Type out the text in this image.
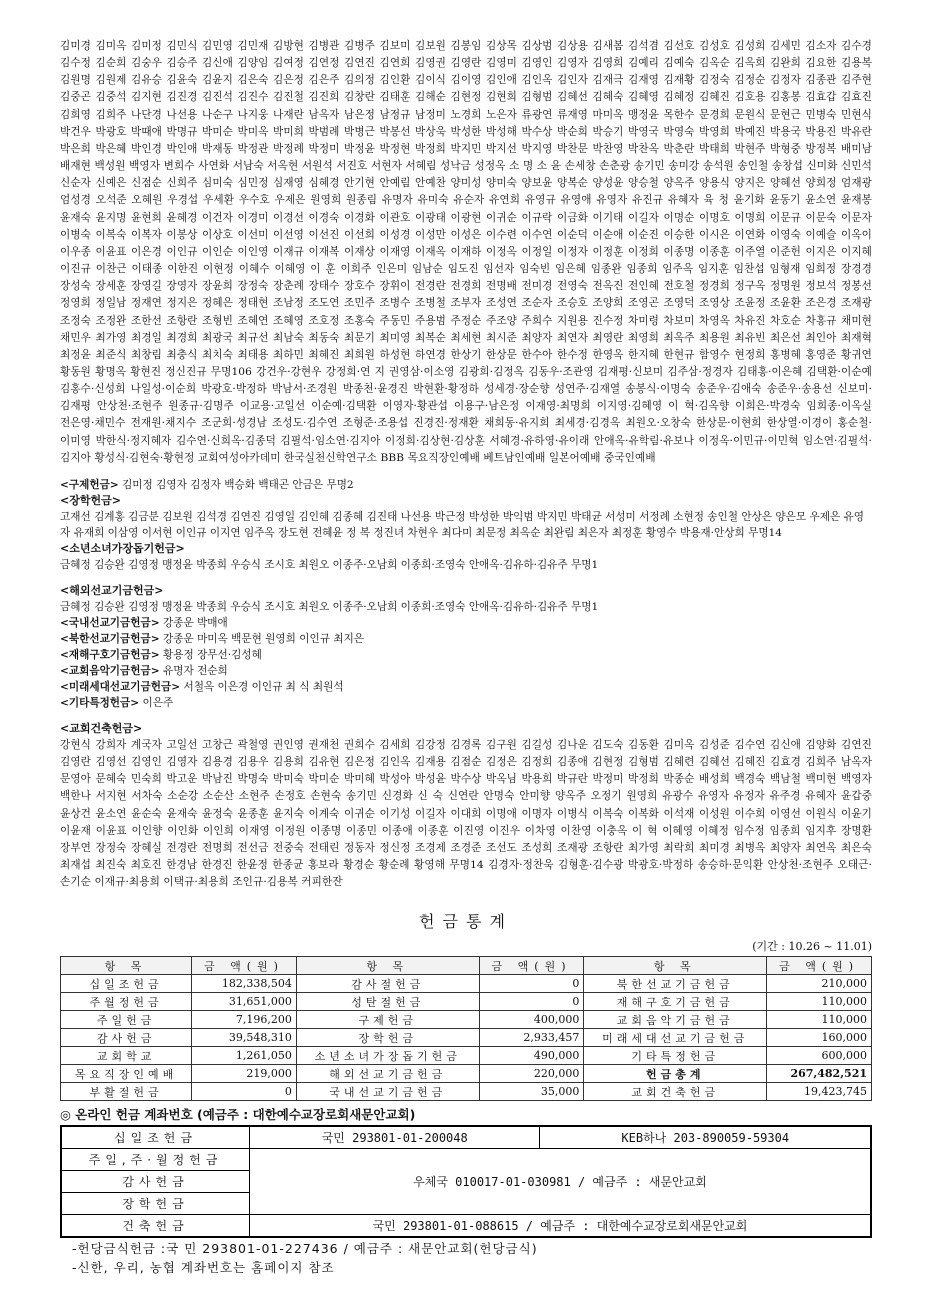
김미경 김미옥 김미정 김민식 김민영 김민재 김방현 김병관 김병주 김보미 김보원 김봉임 김상목 김상범 김상용 김새봄 김석겸 김선호 김성호 김성희 김세민 김소자 김수경 김수정 김순희 김숭우 김승주 김신애 김양임 김여정 김연정 김연진 김연희 김영권 김영란 김영미 김영인 김영자 김영희 김예리 김예숙 김옥순 김옥희 김완희 김요한 김용복 김원명 김원제 김유승 김윤숙 김윤지 김은숙 김은정 김은주 김의정 김인환 김이식 김이영 김인애 김인옥 김인자 김재극 김재영 김재황 김정숙 김정순 김정자 김종관 김주현 김중곤 김중석 김지현 김진경 김진석 김진수 김진철 김진희 김창란 김태훈 김해순 김현정 김현희 김형범 김혜선 김혜숙 김혜영 김혜정 김혜진 김호용 김홍봉 김효갑 김효진 김희영 김희주 나단경 나선용 나순구 나지웅 나재란 남옥자 남은정 남정규 남정미 노경희 노은자 류광연 류재영 마미옥 맹정윤 목한수 문경희 문원식 문현근 민병숙 민현식 박건우 박광호 박때애 박명규 박미순 박미옥 박미희 박범례 박병근 박봉선 박상욱 박성한 박성해 박수상 박순희 박승기 박영국 박영숙 박영희 박예진 박용국 박용진 박유란 박은희 박은혜 박인경 박인애 박재동 박정관 박정례 박정미 박정윤 박정현 박정희 박지민 박지선 박지영 박찬문 박찬영 박찬옥 박춘란 박태희 박현주 박형중 방정복 배미남 배재현 백성원 백영자 변희수 사연화 서남숙 서옥현 서원석 서진호 서현자 서혜림 성낙금 성정옥 소 명 소 윤 손세창 손춘광 송기민 송미강 송석원 송인철 송창섭 신미화 신민석 신순자 신예은 신점순 신희주 심미숙 심민정 심재영 심혜경 안기현 안예림 안예찬 양미성 양미숙 양보윤 양복순 양성윤 양승철 양옥주 양용식 양지은 양혜선 양희정 엄재광 엄성경 오석준 오혜원 우경섭 우세환 우수호 우제은 원영희 원종림 유명자 유미숙 유순자 유연희 유영규 유영애 유영자 유진규 유혜자 육 청 윤기화 윤동기 윤소연 윤재봉 윤재숙 윤지명 윤현희 윤혜경 이건자 이경미 이경선 이경숙 이경화 이관호 이광태 이광현 이귀순 이규락 이금화 이기태 이길자 이명순 이명호 이명희 이문규 이문숙 이문자 이병숙 이복숙 이복자 이봉상 이상호 이선미 이선영 이선진 이선희 이성경 이성만 이성은 이수련 이수연 이순덕 이순애 이순진 이승한 이시은 이연화 이영숙 이예슬 이옥이 이우종 이윤표 이은경 이인규 이인순 이인영 이재규 이재복 이재상 이재영 이재옥 이재하 이정옥 이정일 이정자 이정훈 이정희 이종명 이종훈 이주열 이준헌 이지은 이지혜 이진규 이찬근 이태종 이한진 이현정 이혜수 이혜영 이 훈 이희주 인은미 임남순 임도진 임선자 임숙빈 임은혜 임종완 임종희 임주옥 임지훈 임찬섭 임형재 임희정 장경경 장성숙 장세훈 장영길 장영자 장윤희 장정숙 장춘례 장태수 장호수 장휘이 전경란 전경희 전명배 전미경 전영숙 전옥진 전인혜 전호철 정경희 정구옥 정명원 정보석 정봉선 정영희 정일남 정재연 정지은 정혜은 정태현 조남정 조도연 조민주 조병수 조병철 조부자 조성연 조순자 조승호 조양희 조영곤 조영덕 조영상 조윤정 조윤환 조은경 조재광 조정숙 조정완 조한선 조항란 조형빈 조혜연 조혜영 조호정 조홍숙 주동민 주용범 주정순 주조양 주희수 지원용 진수정 차미령 차보미 차영옥 차유진 차호순 차홍규 채미현 채민우 최가영 최경일 최경희 최광국 최규선 최남숙 최동숙 최문기 최미영 최복순 최세현 최시준 최양자 최연자 최영란 최영희 최옥주 최용원 최유빈 최은선 최인아 최재혁 최정윤 최준식 최창림 최충식 최치숙 최태용 최하민 최혜진 최희원 하성현 하연경 한상기 한상문 한수아 한수정 한영옥 한지혜 한현규 함영수 현정희 홍병혜 홍영준 황귀연 황동원 황명옥 황현진 정신진규 무명106 강건우·강현우 강정희·연 지 권영삼·이소영 김광희·김정옥 김동우·조관영 김재평·신보미 김주삼·정경자 김태홍·이은혜 김택환·이순예 김홍수·신성희 나일성·이순희 박광호·박정하 박남서·조경원 박종천·윤경진 박현환·황정하 성세경·장순향 성연주·김재열 송봉식·이명숙 송준우·김애숙 송준우·송용선 신보미·김재평 안상천·조현주 원종규·김명주 이교용·고일선 이순예·김택환 이영자·황관섭 이용구·남은정 이재영·최명희 이지영·김혜영 이 혁·김옥향 이희은·박경숙 임희종·이옥실 전은영·채민수 전재원·채지수 조군희·성경남 조성도·김수연 조형준·조용섭 진경진·정재환 채희동·유지희 최세경·김경옥 최원오·오창숙 한상문·이현희 한상열·이경이 홍순철·이미영 박한식·정지혜자 김수연·신희옥·김종덕 김필석·임소연·김지아 이정희·김상현·김상훈 서혜경·유하영·유이래 안애옥·유학림·유보나 이정옥·이민규·이민혁 임소연·김필석·김지아 황성식·김현숙·황현정 교회여성아카데미 한국실천신학연구소 BBB 목요직장인예배 베트남인예배 일본어예배 중국인예배
<구제헌금> 김미정 김영자 김정자 백승화 백태곤 안금은 무명2
<장학헌금>
고재선 김계홍 김금분 김보원 김석경 김연진 김영일 김인혜 김종혜 김진태 나선용 박근정 박성한 박익범 박지민 박태균 서성미 서정례 소현정 송인철 안상은 양은모 우제은 유영자 유재희 이삼영 이서현 이인규 이지연 임주옥 장도현 전혜윤 정 복 정진녀 차현우 최다미 최문정 최옥순 최완림 최은자 최정훈 황영수 박용재·안상희 무명14
<소년소녀가장돕기헌금>
금혜정 김승완 김영정 맹정윤 박종희 우승식 조시호 최원오 이종주·오남희 이종희·조영숙 안애옥·김유하·김유주 무명1
<해외선교기금헌금>
금혜정 김승완 김영정 맹정윤 박종희 우승식 조시호 최원오 이종주·오남희 이종희·조영숙 안애옥·김유하·김유주 무명1
<국내선교기금헌금> 강종운 박매애
<북한선교기금헌금> 강종운 마미옥 백문현 원영희 이인규 최지은
<재해구호기금헌금> 황용정 장무선·김성혜
<교회음악기금헌금> 유명자 전순희
<미래세대선교기금헌금> 서철옥 이은경 이인규 최 식 최원석
<기타특정헌금> 이은주
<교회건축헌금>
강현식 강희자 계국자 고일선 고창근 곽철영 권인영 권재천 권희수 김세희 김강정 김경록 김구원 김길성 김나운 김도숙 김동환 김미옥 김성준 김수연 김신애 김양화 김연진 김영란 김영선 김영인 김영자 김용경 김용우 김용희 김유현 김은정 김인옥 김재용 김점순 김정은 김정희 김종애 김현정 김형범 김혜련 김혜선 김혜진 김효경 김희주 남옥자 문영아 문혜숙 민숙희 박고운 박남진 박명숙 박미숙 박미순 박미혜 박성아 박성윤 박수상 박옥님 박용희 박규란 박정미 박정희 박종순 배성희 백경숙 백남철 백미현 백영자 백한나 서지현 서차숙 소순강 소순산 소현주 손정호 손현숙 송기민 신경화 신 숙 신연란 안명숙 안미향 양옥주 오정기 원영희 유광수 유영자 유정자 유주경 유혜자 윤갑중 윤상건 윤소연 윤순숙 윤재숙 윤정숙 윤종훈 윤지숙 이계숙 이귀순 이기성 이길자 이대희 이명애 이명자 이병식 이복숙 이복화 이석재 이성원 이수희 이영선 이원식 이윤기 이윤재 이윤표 이인향 이인화 이인희 이재영 이정원 이종명 이종민 이종애 이종훈 이진영 이진우 이차영 이찬영 이충옥 이 혁 이혜영 이혜정 임수정 임종희 임지후 장명환 장부연 장정숙 장혜실 전경란 전명희 전선금 전중숙 전태린 정동자 정신정 조경제 조경준 조선도 조성희 조재광 조항란 최가영 최락희 최미경 최병옥 최양자 최연옥 최은숙 최재섭 최진숙 최호진 한경남 한경진 한윤정 한종균 홍보라 황경순 황순례 황영해 무명14 김경자·정찬욱 김형훈·김수광 박광호·박정하 송승하·문익환 안상천·조현주 오태근·손기순 이재규·최용희 이택규·최용희 조인규·김용복 커피한잔
헌금통계
(기간 : 10.26 ~ 11.01)
항 목	금 액(원)	항 목	금 액(원)	항 목	금 액(원)
십일조헌금	182,338,504	감사절헌금	0	북한선교기금헌금	210,000
주월정헌금	31,651,000	성탄절헌금	0	재해구호기금헌금	110,000
주일헌금	7,196,200	구제헌금	400,000	교회음악기금헌금	110,000
감사헌금	39,548,310	장학헌금	2,933,457	미래세대선교기금헌금	160,000
교회학교	1,261,050	소년소녀가장돕기헌금	490,000	기타특정헌금	600,000
목요직장인예배	219,000	해외선교기금헌금	220,000	헌금총계	267,482,521
부활절헌금	0	국내선교기금헌금	35,000	교회건축헌금	19,423,745
◎ 온라인 헌금 계좌번호 (예금주 : 대한예수교장로회새문안교회)
십일조헌금	국민 293801-01-200048	KEB하나 203-890059-59304
주일,주·월정헌금	우체국 010017-01-030981 / 예금주 : 새문안교회	
감사헌금		
장학헌금		
건축헌금	국민 293801-01-088615 / 예금주 : 대한예수교장로회새문안교회	
-헌당금식헌금 :국 민 293801-01-227436 / 예금주 : 새문안교회(헌당금식)
-신한, 우리, 농협 계좌번호는 홈페이지 참조
